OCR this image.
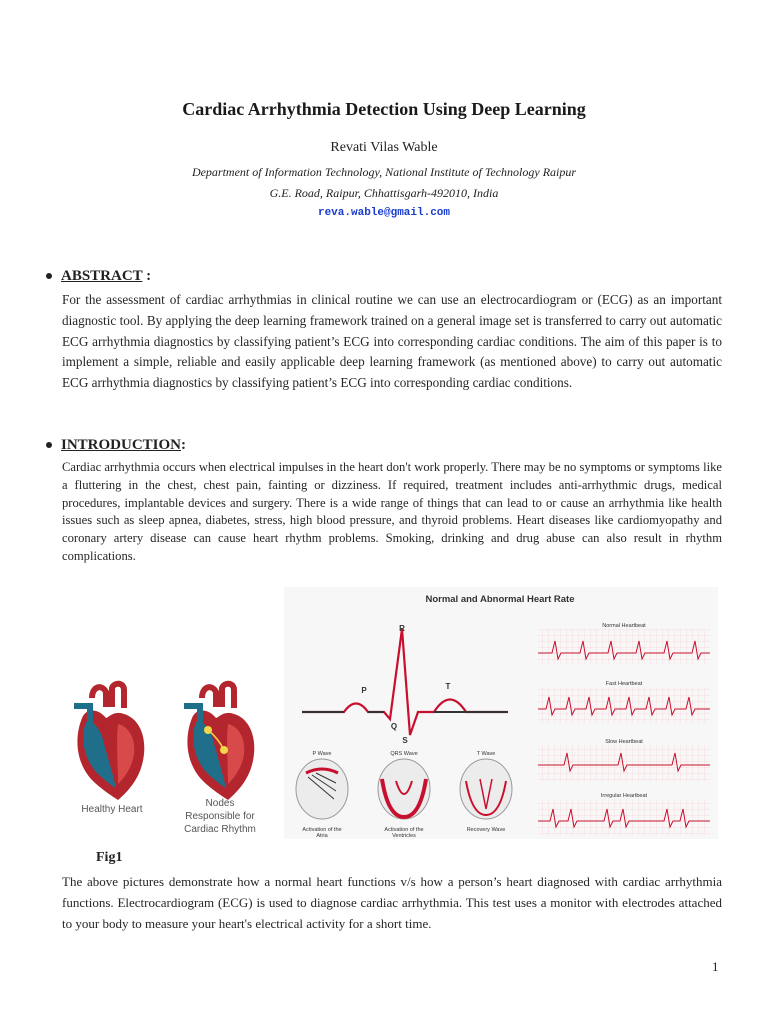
Cardiac Arrhythmia Detection Using Deep Learning
Revati Vilas Wable
Department of Information Technology, National Institute of Technology Raipur
G.E. Road, Raipur, Chhattisgarh-492010, India
reva.wable@gmail.com
ABSTRACT :
For the assessment of cardiac arrhythmias in clinical routine we can use an electrocardiogram or (ECG) as an important diagnostic tool. By applying the deep learning framework trained on a general image set is transferred to carry out automatic ECG arrhythmia diagnostics by classifying patient’s ECG into corresponding cardiac conditions. The aim of this paper is to implement a simple, reliable and easily applicable deep learning framework (as mentioned above) to carry out automatic ECG arrhythmia diagnostics by classifying patient’s ECG into corresponding cardiac conditions.
INTRODUCTION:
Cardiac arrhythmia occurs when electrical impulses in the heart don't work properly. There may be no symptoms or symptoms like a fluttering in the chest, chest pain, fainting or dizziness. If required, treatment includes anti-arrhythmic drugs, medical procedures, implantable devices and surgery. There is a wide range of things that can lead to or cause an arrhythmia like health issues such as sleep apnea, diabetes, stress, high blood pressure, and thyroid problems. Heart diseases like cardiomyopathy and coronary artery disease can cause heart rhythm problems. Smoking, drinking and drug abuse can also result in rhythm complications.
Healthy Heart
Nodes
Responsible for
Cardiac Rhythm
Normal and Abnormal Heart Rate
R
P	T
Q
S
P Wave
Activation of the
Atria
QRS Wave
Activation of the
Ventricles
T Wave
Recovery Wave
Normal Heartbeat
Fast Heartbeat
Slow Heartbeat
Irregular Heartbeat
Fig1
The above pictures demonstrate how a normal heart functions v/s how a person’s heart diagnosed with cardiac arrhythmia functions. Electrocardiogram (ECG) is used to diagnose cardiac arrhythmia. This test uses a monitor with electrodes attached to your body to measure your heart's electrical activity for a short time.
1
